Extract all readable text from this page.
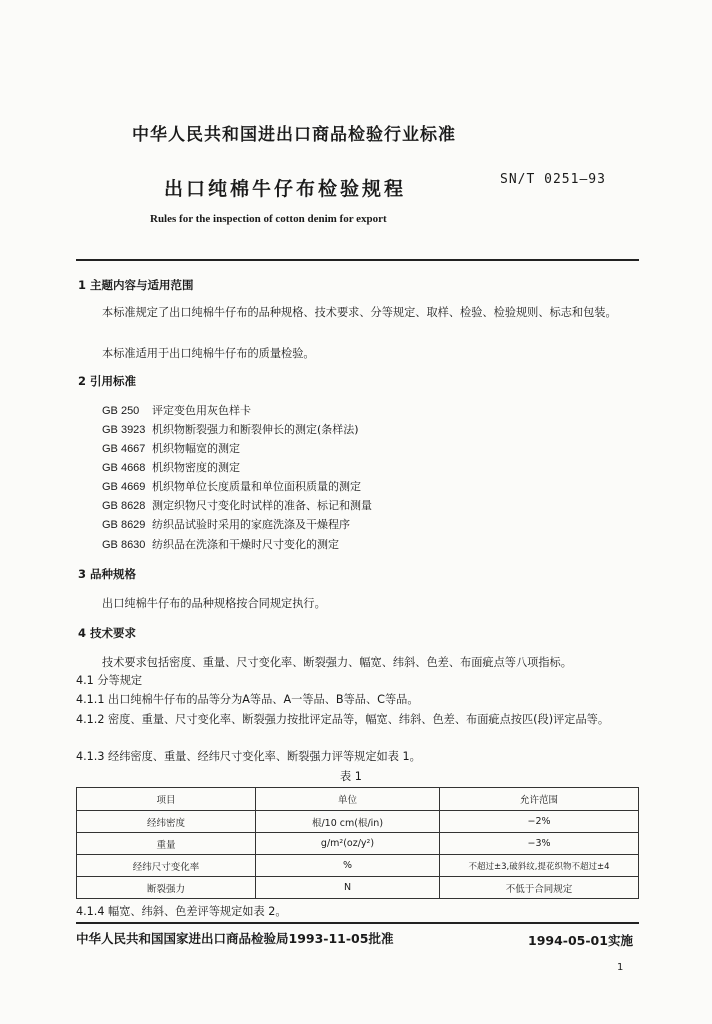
中华人民共和国进出口商品检验行业标准
出口纯棉牛仔布检验规程	SN/T 0251—93
Rules for the inspection of cotton denim for export
1 主题内容与适用范围
本标准规定了出口纯棉牛仔布的品种规格、技术要求、分等规定、取样、检验、检验规则、标志和包装。
本标准适用于出口纯棉牛仔布的质量检验。
2 引用标准
GB 250 评定变色用灰色样卡
GB 3923 机织物断裂强力和断裂伸长的测定(条样法)
GB 4667 机织物幅宽的测定
GB 4668 机织物密度的测定
GB 4669 机织物单位长度质量和单位面积质量的测定
GB 8628 测定织物尺寸变化时试样的准备、标记和测量
GB 8629 纺织品试验时采用的家庭洗涤及干燥程序
GB 8630 纺织品在洗涤和干燥时尺寸变化的测定
3 品种规格
出口纯棉牛仔布的品种规格按合同规定执行。
4 技术要求
技术要求包括密度、重量、尺寸变化率、断裂强力、幅宽、纬斜、色差、布面疵点等八项指标。
4.1 分等规定
4.1.1 出口纯棉牛仔布的品等分为A等品、A一等品、B等品、C等品。
4.1.2 密度、重量、尺寸变化率、断裂强力按批评定品等，幅宽、纬斜、色差、布面疵点按匹(段)评定品等。
4.1.3 经纬密度、重量、经纬尺寸变化率、断裂强力评等规定如表 1。
表 1
项目	单位	允许范围
经纬密度	根/10 cm(根/in)	−2%
重量	g/m²(oz/y²)	−3%
经纬尺寸变化率	%	不超过±3,破斜纹,提花织物不超过±4
断裂强力	N	不低于合同规定
4.1.4 幅宽、纬斜、色差评等规定如表 2。
中华人民共和国国家进出口商品检验局1993-11-05批准	1994-05-01实施
1
